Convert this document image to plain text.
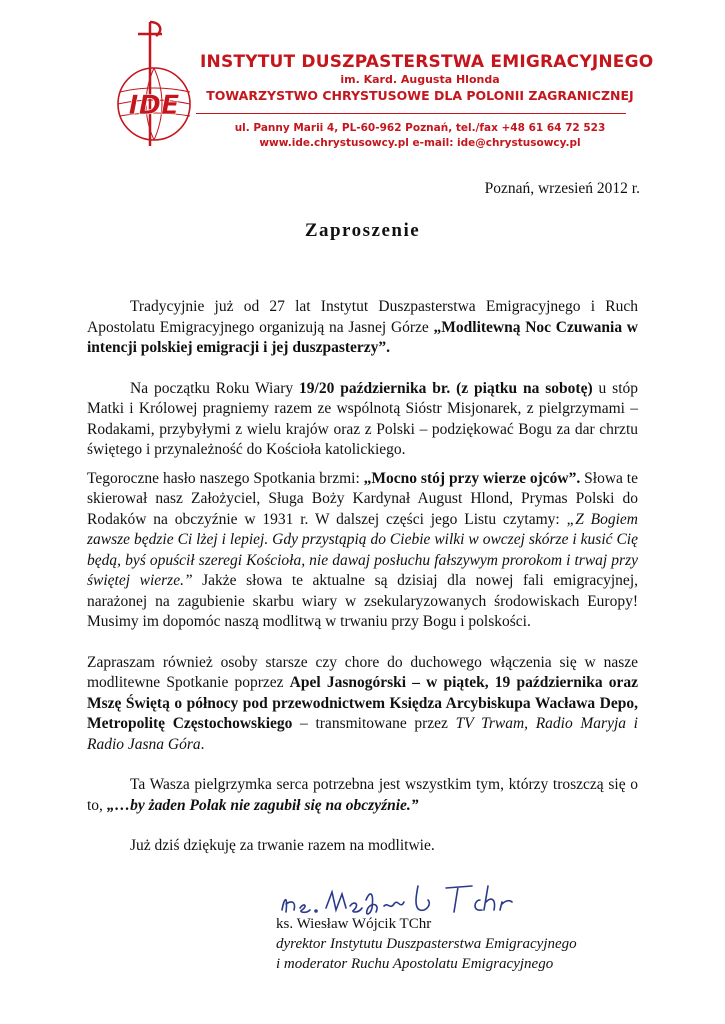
IDE
INSTYTUT DUSZPASTERSTWA EMIGRACYJNEGO
im. Kard. Augusta Hlonda
TOWARZYSTWO CHRYSTUSOWE DLA POLONII ZAGRANICZNEJ
ul. Panny Marii 4, PL-60-962 Poznań, tel./fax +48 61 64 72 523
www.ide.chrystusowcy.pl e-mail: ide@chrystusowcy.pl
Poznań, wrzesień 2012 r.
Zaproszenie

Tradycyjnie już od 27 lat Instytut Duszpasterstwa Emigracyjnego i Ruch Apostolatu Emigracyjnego organizują na Jasnej Górze „Modlitewną Noc Czuwania w intencji polskiej emigracji i jej duszpasterzy”.

Na początku Roku Wiary 19/20 października br. (z piątku na sobotę) u stóp Matki i Królowej pragniemy razem ze wspólnotą Sióstr Misjonarek, z pielgrzymami – Rodakami, przybyłymi z wielu krajów oraz z Polski – podziękować Bogu za dar chrztu świętego i przynależność do Kościoła katolickiego.

Tegoroczne hasło naszego Spotkania brzmi: „Mocno stój przy wierze ojców”. Słowa te skierował nasz Założyciel, Sługa Boży Kardynał August Hlond, Prymas Polski do Rodaków na obczyźnie w 1931 r. W dalszej części jego Listu czytamy: „Z Bogiem zawsze będzie Ci lżej i lepiej. Gdy przystąpią do Ciebie wilki w owczej skórze i kusić Cię będą, byś opuścił szeregi Kościoła, nie dawaj posłuchu fałszywym prorokom i trwaj przy świętej wierze.” Jakże słowa te aktualne są dzisiaj dla nowej fali emigracyjnej, narażonej na zagubienie skarbu wiary w zsekularyzowanych środowiskach Europy! Musimy im dopomóc naszą modlitwą w trwaniu przy Bogu i polskości.

Zapraszam również osoby starsze czy chore do duchowego włączenia się w nasze modlitewne Spotkanie poprzez Apel Jasnogórski – w piątek, 19 października oraz Mszę Świętą o północy pod przewodnictwem Księdza Arcybiskupa Wacława Depo, Metropolitę Częstochowskiego – transmitowane przez TV Trwam, Radio Maryja i Radio Jasna Góra.

Ta Wasza pielgrzymka serca potrzebna jest wszystkim tym, którzy troszczą się o to, „…by żaden Polak nie zagubił się na obczyźnie.”

Już dziś dziękuję za trwanie razem na modlitwie.

ks. Wiesław Wójcik TChr
dyrektor Instytutu Duszpasterstwa Emigracyjnego
i moderator Ruchu Apostolatu Emigracyjnego
